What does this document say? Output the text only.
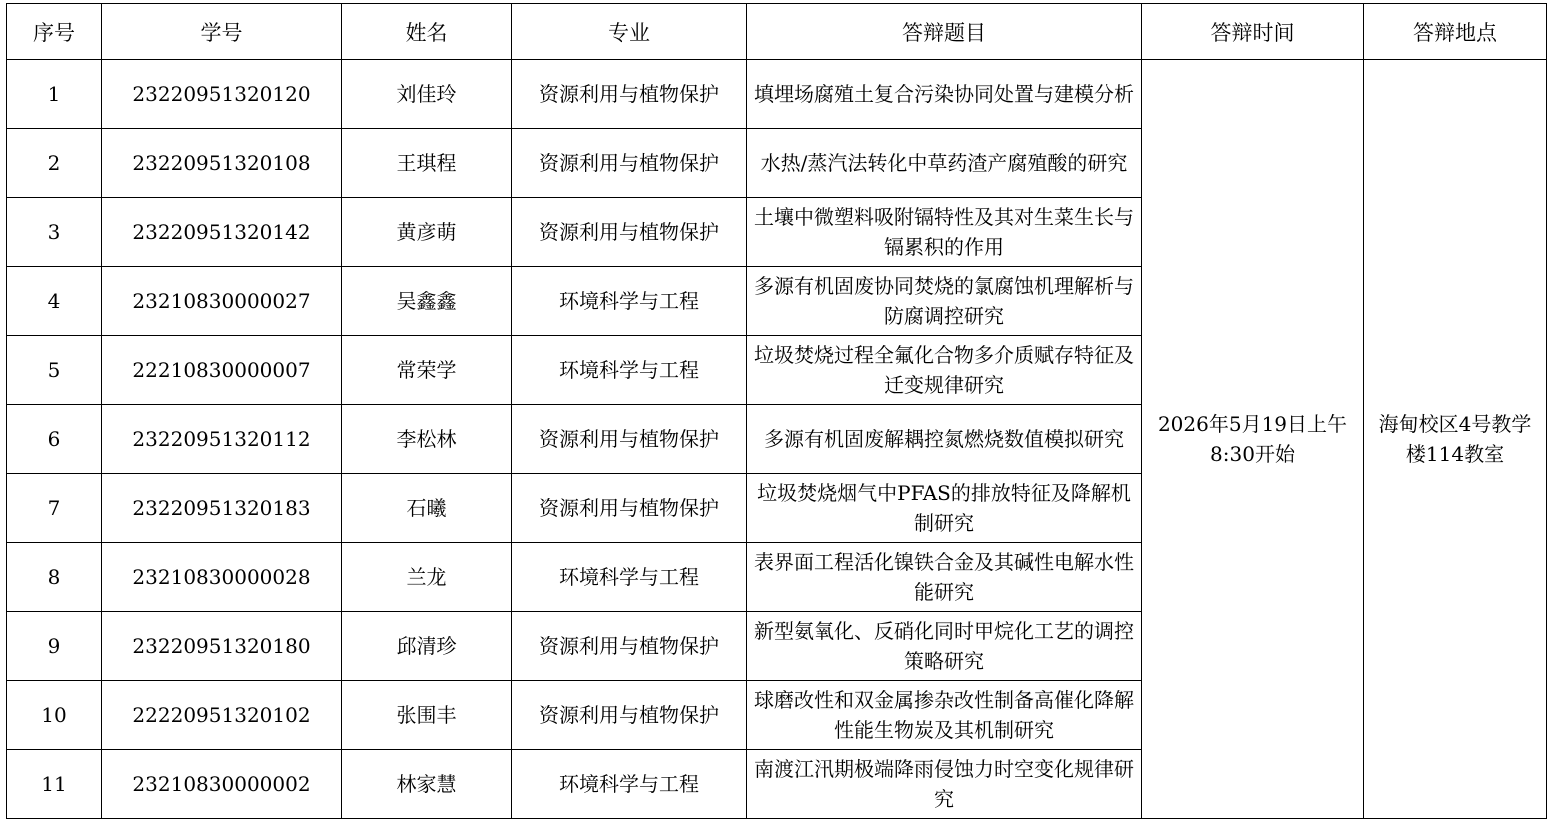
序号	学号	姓名	专业	答辩题目	答辩时间	答辩地点
1	23220951320120	刘佳玲	资源利用与植物保护	填埋场腐殖土复合污染协同处置与建模分析	2026年5月19日上午8:30开始	海甸校区4号教学楼114教室
2	23220951320108	王琪程	资源利用与植物保护	水热/蒸汽法转化中草药渣产腐殖酸的研究		
3	23220951320142	黄彦萌	资源利用与植物保护	土壤中微塑料吸附镉特性及其对生菜生长与镉累积的作用		
4	23210830000027	吴鑫鑫	环境科学与工程	多源有机固废协同焚烧的氯腐蚀机理解析与防腐调控研究		
5	22210830000007	常荣学	环境科学与工程	垃圾焚烧过程全氟化合物多介质赋存特征及迁变规律研究		
6	23220951320112	李松林	资源利用与植物保护	多源有机固废解耦控氮燃烧数值模拟研究		
7	23220951320183	石曦	资源利用与植物保护	垃圾焚烧烟气中PFAS的排放特征及降解机制研究		
8	23210830000028	兰龙	环境科学与工程	表界面工程活化镍铁合金及其碱性电解水性能研究		
9	23220951320180	邱清珍	资源利用与植物保护	新型氨氧化、反硝化同时甲烷化工艺的调控策略研究		
10	22220951320102	张围丰	资源利用与植物保护	球磨改性和双金属掺杂改性制备高催化降解性能生物炭及其机制研究		
11	23210830000002	林家慧	环境科学与工程	南渡江汛期极端降雨侵蚀力时空变化规律研究		
